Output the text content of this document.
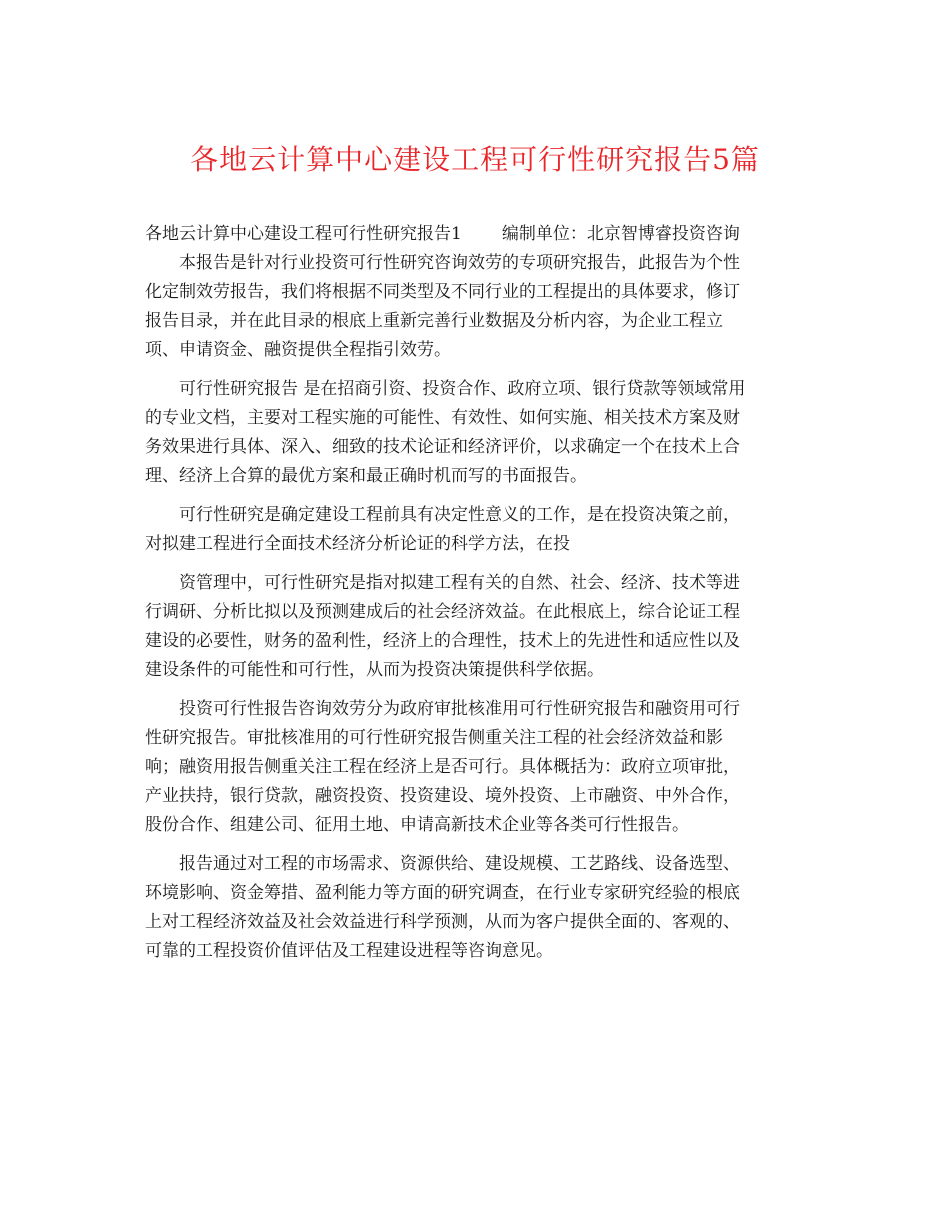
各地云计算中心建设工程可行性研究报告5篇
各地云计算中心建设工程可行性研究报告1 编制单位：北京智博睿投资咨询
本报告是针对行业投资可行性研究咨询效劳的专项研究报告，此报告为个性
化定制效劳报告，我们将根据不同类型及不同行业的工程提出的具体要求，修订
报告目录，并在此目录的根底上重新完善行业数据及分析内容，为企业工程立
项、申请资金、融资提供全程指引效劳。
可行性研究报告 是在招商引资、投资合作、政府立项、银行贷款等领域常用
的专业文档，主要对工程实施的可能性、有效性、如何实施、相关技术方案及财
务效果进行具体、深入、细致的技术论证和经济评价，以求确定一个在技术上合
理、经济上合算的最优方案和最正确时机而写的书面报告。
可行性研究是确定建设工程前具有决定性意义的工作，是在投资决策之前，
对拟建工程进行全面技术经济分析论证的科学方法，在投
资管理中，可行性研究是指对拟建工程有关的自然、社会、经济、技术等进
行调研、分析比拟以及预测建成后的社会经济效益。在此根底上，综合论证工程
建设的必要性，财务的盈利性，经济上的合理性，技术上的先进性和适应性以及
建设条件的可能性和可行性，从而为投资决策提供科学依据。
投资可行性报告咨询效劳分为政府审批核准用可行性研究报告和融资用可行
性研究报告。审批核准用的可行性研究报告侧重关注工程的社会经济效益和影
响；融资用报告侧重关注工程在经济上是否可行。具体概括为：政府立项审批，
产业扶持，银行贷款，融资投资、投资建设、境外投资、上市融资、中外合作，
股份合作、组建公司、征用土地、申请高新技术企业等各类可行性报告。
报告通过对工程的市场需求、资源供给、建设规模、工艺路线、设备选型、
环境影响、资金筹措、盈利能力等方面的研究调查，在行业专家研究经验的根底
上对工程经济效益及社会效益进行科学预测，从而为客户提供全面的、客观的、
可靠的工程投资价值评估及工程建设进程等咨询意见。
